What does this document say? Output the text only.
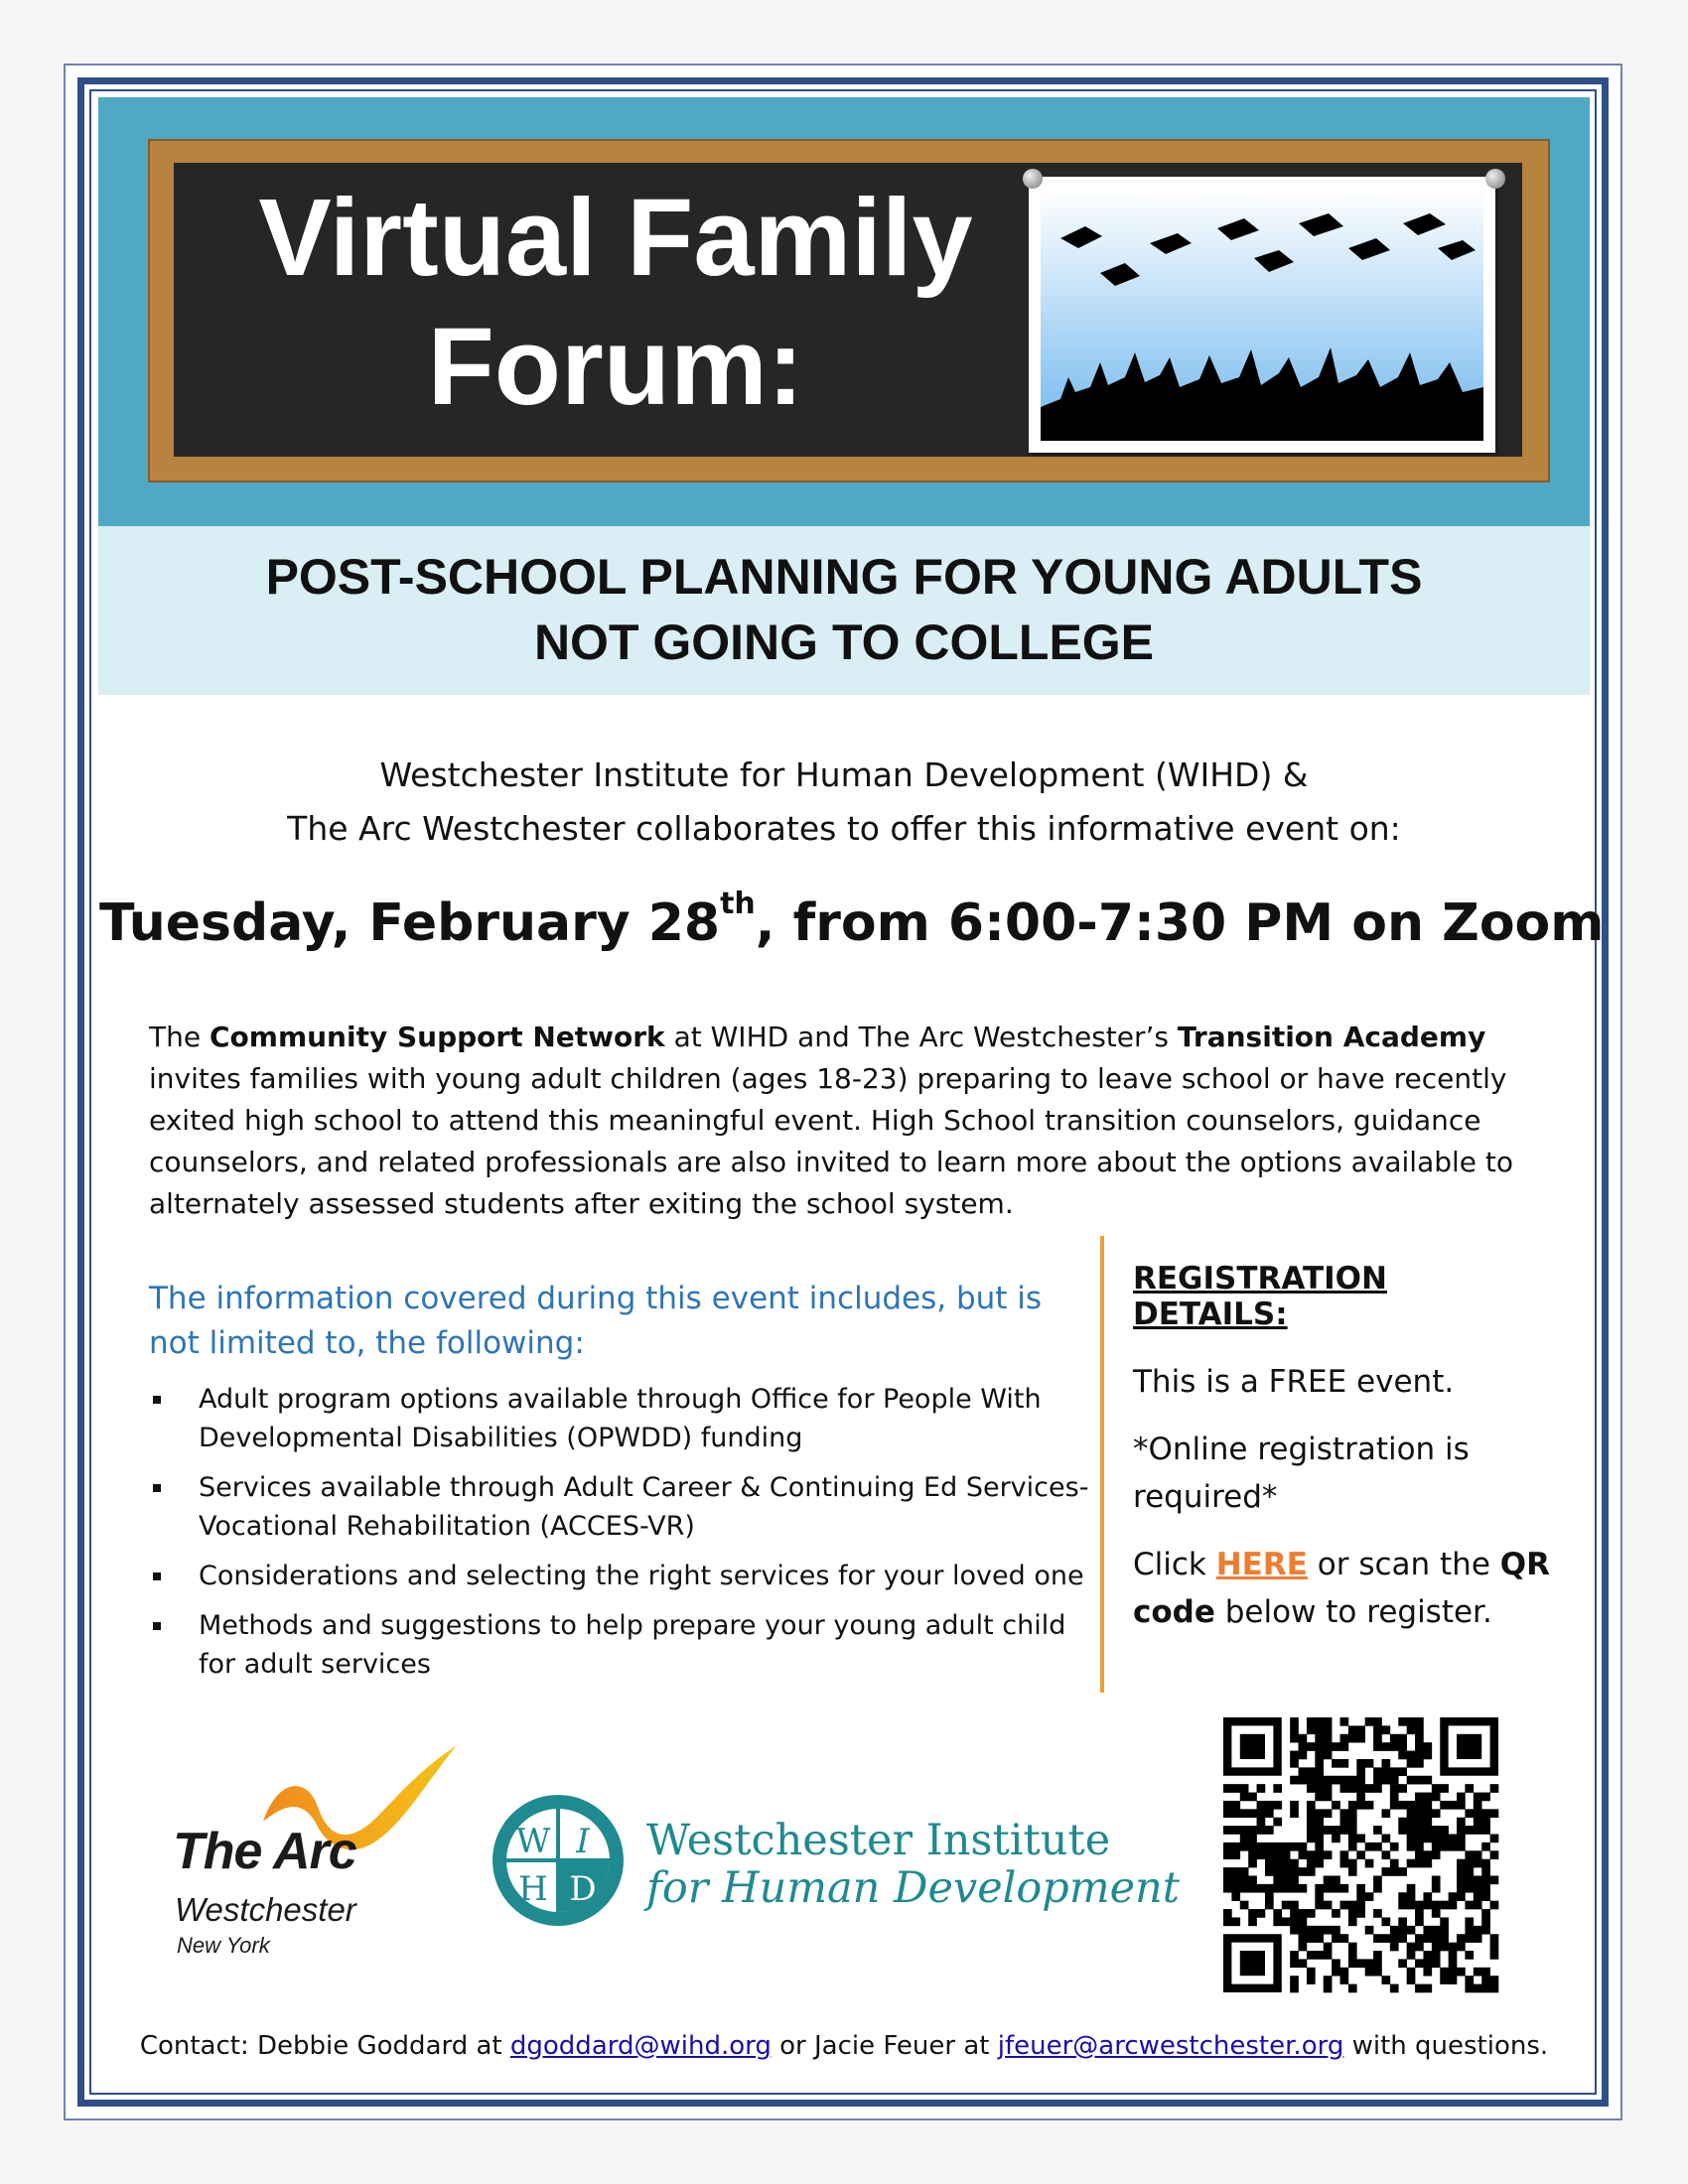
Virtual Family
Forum:
POST-SCHOOL PLANNING FOR YOUNG ADULTS
NOT GOING TO COLLEGE
Westchester Institute for Human Development (WIHD) &
The Arc Westchester collaborates to offer this informative event on:
Tuesday, February 28th, from 6:00-7:30 PM on Zoom
The Community Support Network at WIHD and The Arc Westchester’s Transition Academy invites families with young adult children (ages 18-23) preparing to leave school or have recently exited high school to attend this meaningful event. High School transition counselors, guidance counselors, and related professionals are also invited to learn more about the options available to alternately assessed students after exiting the school system.
The information covered during this event includes, but is not limited to, the following:
Adult program options available through Office for People With Developmental Disabilities (OPWDD) funding
Services available through Adult Career & Continuing Ed Services- Vocational Rehabilitation (ACCES-VR)
Considerations and selecting the right services for your loved one
Methods and suggestions to help prepare your young adult child for adult services
REGISTRATION DETAILS:

This is a FREE event.

*Online registration is required*

Click HERE or scan the QR code below to register.

The Arc
Westchester
New York
W I
H D
Westchester Institute
for Human Development
Contact: Debbie Goddard at dgoddard@wihd.org or Jacie Feuer at jfeuer@arcwestchester.org with questions.
